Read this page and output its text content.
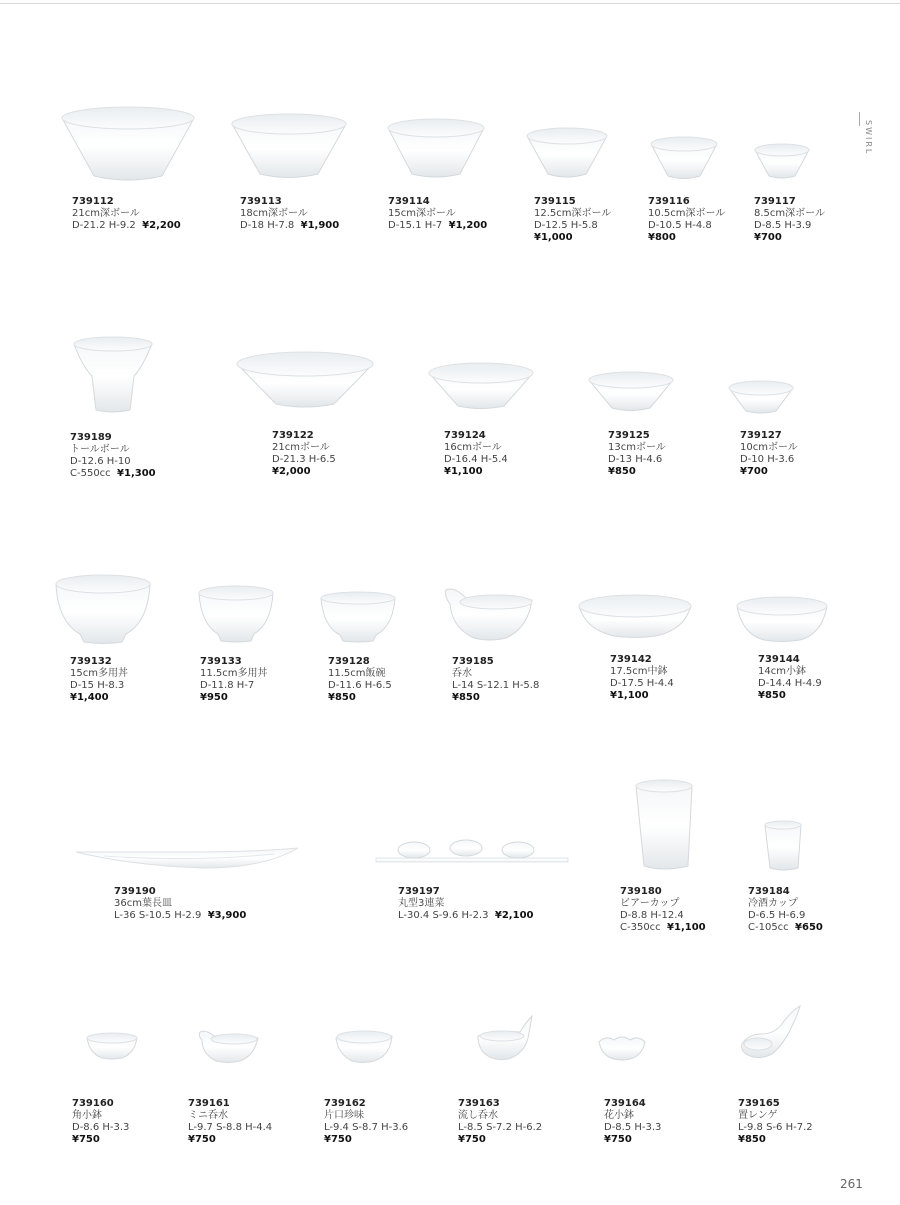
SWIRL
739112
21cm深ボール
D-21.2 H-9.2 ¥2,200
739113
18cm深ボール
D-18 H-7.8 ¥1,900
739114
15cm深ボール
D-15.1 H-7 ¥1,200
739115
12.5cm深ボール
D-12.5 H-5.8
¥1,000
739116
10.5cm深ボール
D-10.5 H-4.8
¥800
739117
8.5cm深ボール
D-8.5 H-3.9
¥700
739189
トールボール
D-12.6 H-10
C-550cc ¥1,300
739122
21cmボール
D-21.3 H-6.5
¥2,000
739124
16cmボール
D-16.4 H-5.4
¥1,100
739125
13cmボール
D-13 H-4.6
¥850
739127
10cmボール
D-10 H-3.6
¥700
739132
15cm多用丼
D-15 H-8.3
¥1,400
739133
11.5cm多用丼
D-11.8 H-7
¥950
739128
11.5cm飯碗
D-11.6 H-6.5
¥850
739185
呑水
L-14 S-12.1 H-5.8
¥850
739142
17.5cm中鉢
D-17.5 H-4.4
¥1,100
739144
14cm小鉢
D-14.4 H-4.9
¥850
739190
36cm葉長皿
L-36 S-10.5 H-2.9 ¥3,900
739197
丸型3連菜
L-30.4 S-9.6 H-2.3 ¥2,100
739180
ビアーカップ
D-8.8 H-12.4
C-350cc ¥1,100
739184
冷酒カップ
D-6.5 H-6.9
C-105cc ¥650
739160
角小鉢
D-8.6 H-3.3
¥750
739161
ミニ呑水
L-9.7 S-8.8 H-4.4
¥750
739162
片口珍味
L-9.4 S-8.7 H-3.6
¥750
739163
流し呑水
L-8.5 S-7.2 H-6.2
¥750
739164
花小鉢
D-8.5 H-3.3
¥750
739165
置レンゲ
L-9.8 S-6 H-7.2
¥850
261
